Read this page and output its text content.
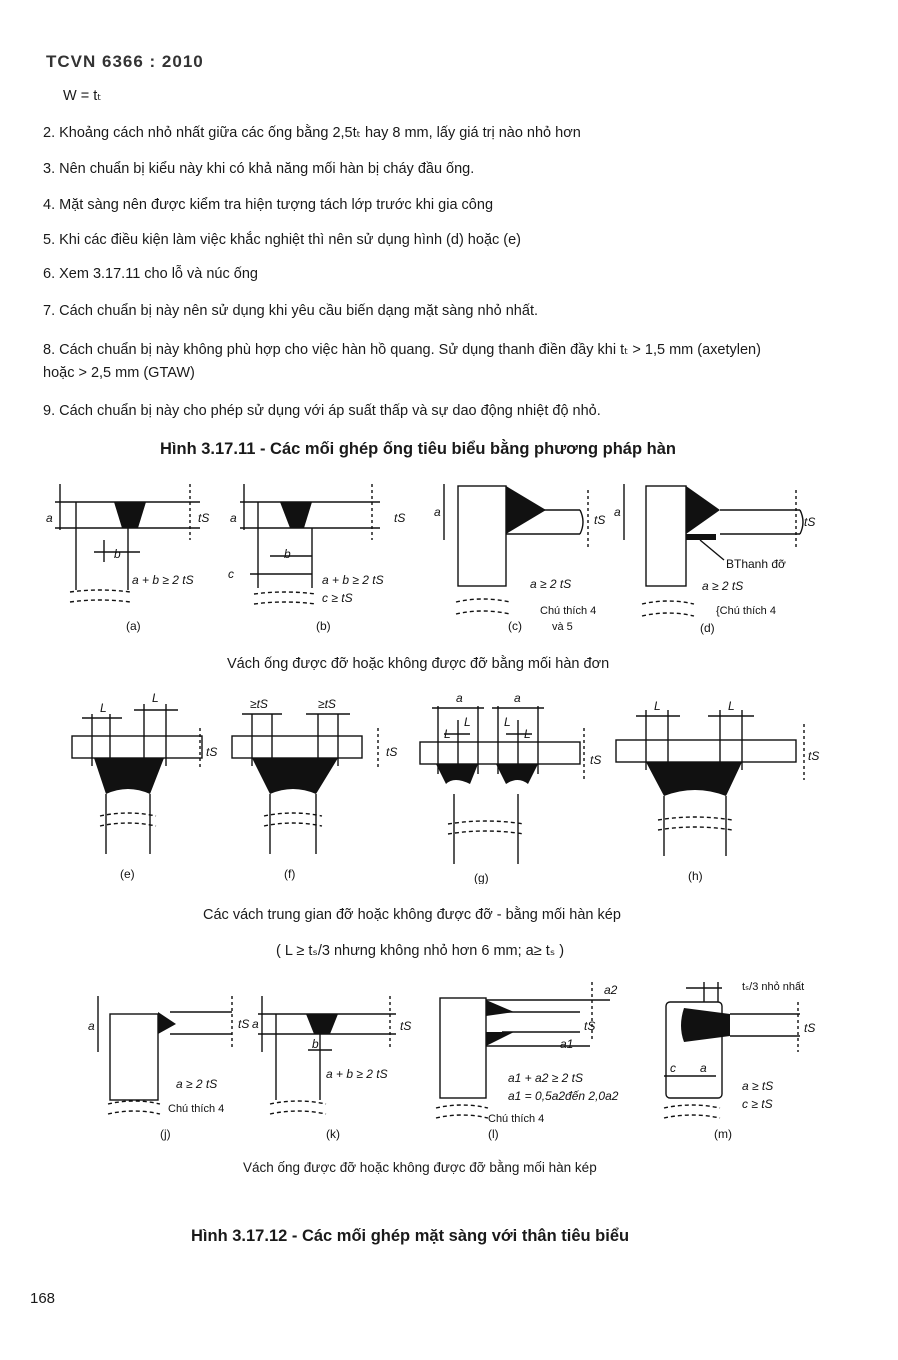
TCVN 6366 : 2010
W = tₜ
2. Khoảng cách nhỏ nhất giữa các ống bằng 2,5tₜ hay 8 mm, lấy giá trị nào nhỏ hơn
3. Nên chuẩn bị kiểu này khi có khả năng mối hàn bị cháy đầu ống.
4. Mặt sàng nên được kiểm tra hiện tượng tách lớp trước khi gia công
5. Khi các điều kiện làm việc khắc nghiệt thì nên sử dụng hình (d) hoặc (e)
6. Xem 3.17.11 cho lỗ và núc ống
7. Cách chuẩn bị này nên sử dụng khi yêu cầu biến dạng mặt sàng nhỏ nhất.
8. Cách chuẩn bị này không phù hợp cho việc hàn hồ quang. Sử dụng thanh điền đầy khi tₜ > 1,5 mm (axetylen)
hoặc > 2,5 mm (GTAW)
9. Cách chuẩn bị này cho phép sử dụng với áp suất thấp và sự dao động nhiệt độ nhỏ.
Hình 3.17.11 - Các mối ghép ống tiêu biểu bằng phương pháp hàn
a	tS
b
a + b ≥ 2 tS
(a)
a	tS
b
c	a + b ≥ 2 tS
c ≥ tS
(b)
a
tS
a ≥ 2 tS
Chú thích 4
và 5
(c)
a
tS
BThanh đỡ
a ≥ 2 tS
{Chú thích 4
(d)
Vách ống được đỡ hoặc không được đỡ bằng mối hàn đơn
L
L
tS
(e)
≥tS	≥tS
tS
(f)
a	a
L	L
L	L
tS
(g)
L	L
tS
(h)
Các vách trung gian đỡ hoặc không được đỡ - bằng mối hàn kép
( L ≥ tₛ/3 nhưng không nhỏ hơn 6 mm; a≥ tₛ )
a	tS
a ≥ 2 tS
Chú thích 4
(j)
a	tS
b
a + b ≥ 2 tS
(k)
a2
tS
a1
a1 + a2 ≥ 2 tS
a1 = 0,5a2đến 2,0a2
Chú thích 4
(l)
tₛ/3 nhỏ nhất
tS
c a
a ≥ tS
c ≥ tS
(m)
Vách ống được đỡ hoặc không được đỡ bằng mối hàn kép
Hình 3.17.12 - Các mối ghép mặt sàng với thân tiêu biểu
168
